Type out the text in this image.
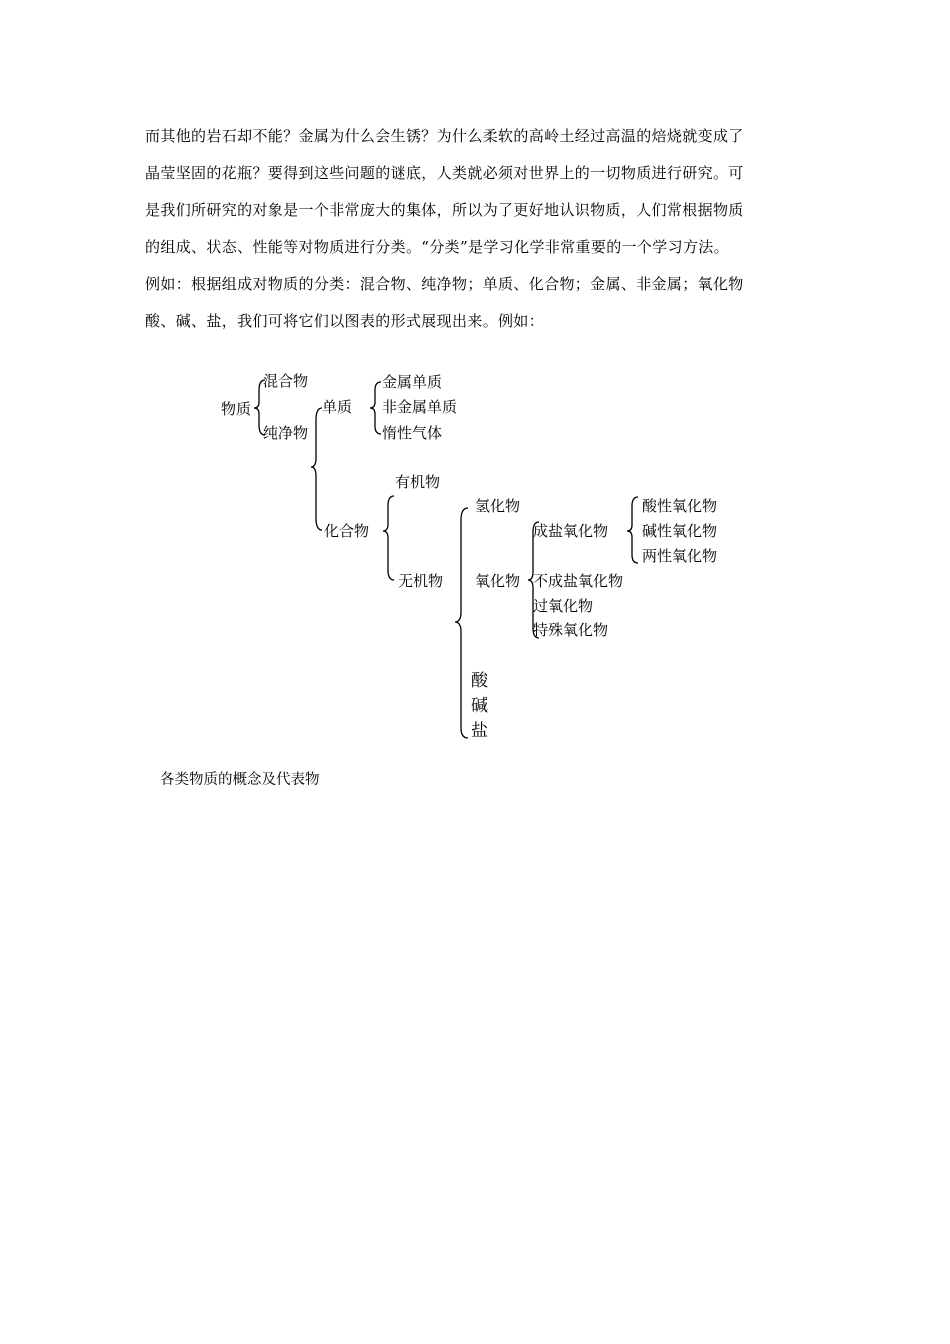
而其他的岩石却不能？金属为什么会生锈？为什么柔软的高岭土经过高温的焙烧就变成了
晶莹坚固的花瓶？要得到这些问题的谜底，人类就必须对世界上的一切物质进行研究。可
是我们所研究的对象是一个非常庞大的集体，所以为了更好地认识物质，人们常根据物质
的组成、状态、性能等对物质进行分类。“分类”是学习化学非常重要的一个学习方法。
例如：根据组成对物质的分类：混合物、纯净物；单质、化合物；金属、非金属；氧化物
酸、碱、盐，我们可将它们以图表的形式展现出来。例如：
物质
混合物
纯净物
单质
金属单质
非金属单质
惰性气体
有机物
化合物
无机物
氢化物
氧化物
成盐氧化物
酸性氧化物
碱性氧化物
两性氧化物
不成盐氧化物
过氧化物
特殊氧化物
酸
碱
盐
各类物质的概念及代表物
